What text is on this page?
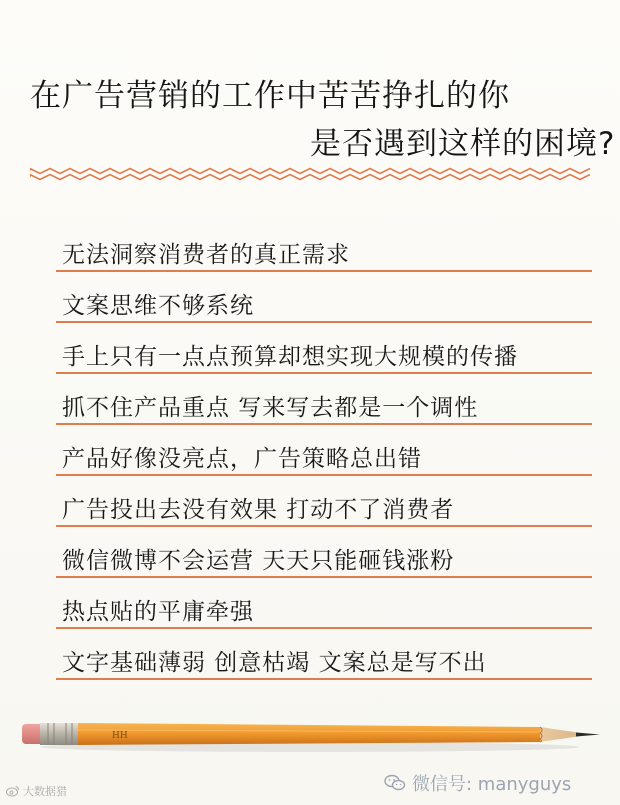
在广告营销的工作中苦苦挣扎的你
是否遇到这样的困境?
无法洞察消费者的真正需求
文案思维不够系统
手上只有一点点预算却想实现大规模的传播
抓不住产品重点 写来写去都是一个调性
产品好像没亮点，广告策略总出错
广告投出去没有效果 打动不了消费者
微信微博不会运营 天天只能砸钱涨粉
热点贴的平庸牵强
文字基础薄弱 创意枯竭 文案总是写不出
HH
微信号: manyguys
大数据猎
